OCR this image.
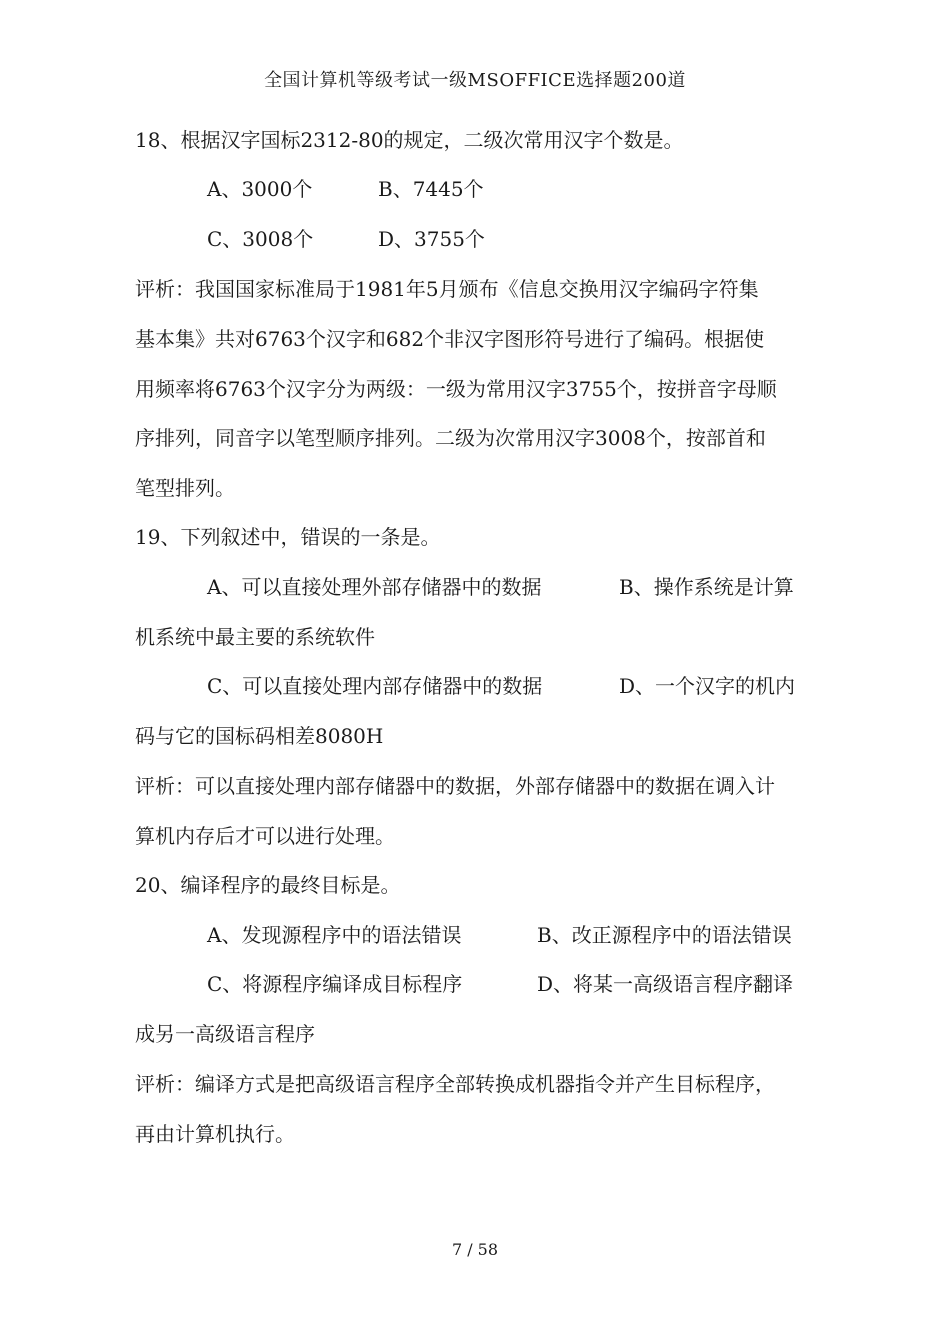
全国计算机等级考试一级MSOFFICE选择题200道
18、根据汉字国标2312-80的规定，二级次常用汉字个数是。
A、3000个	B、7445个
C、3008个	D、3755个
评析：我国国家标准局于1981年5月颁布《信息交换用汉字编码字符集
基本集》共对6763个汉字和682个非汉字图形符号进行了编码。根据使
用频率将6763个汉字分为两级：一级为常用汉字3755个，按拼音字母顺
序排列，同音字以笔型顺序排列。二级为次常用汉字3008个，按部首和
笔型排列。
19、下列叙述中，错误的一条是。
A、可以直接处理外部存储器中的数据	B、操作系统是计算
机系统中最主要的系统软件
C、可以直接处理内部存储器中的数据	D、一个汉字的机内
码与它的国标码相差8080H
评析：可以直接处理内部存储器中的数据，外部存储器中的数据在调入计
算机内存后才可以进行处理。
20、编译程序的最终目标是。
A、发现源程序中的语法错误	B、改正源程序中的语法错误
C、将源程序编译成目标程序	D、将某一高级语言程序翻译
成另一高级语言程序
评析：编译方式是把高级语言程序全部转换成机器指令并产生目标程序，
再由计算机执行。
7 / 58
